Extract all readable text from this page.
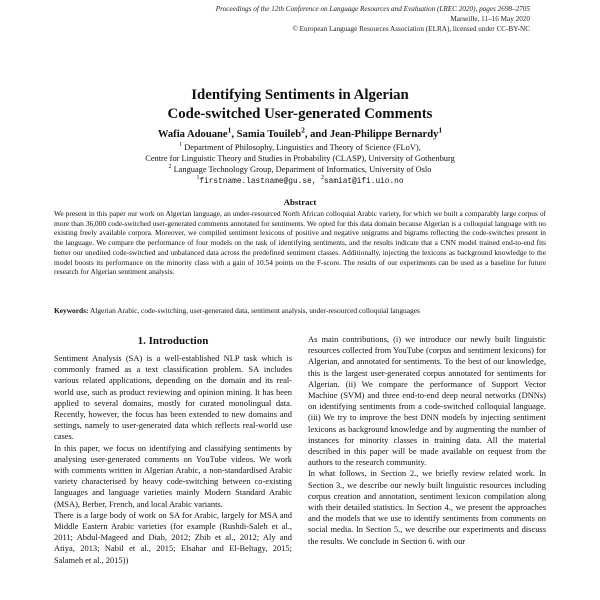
Proceedings of the 12th Conference on Language Resources and Evaluation (LREC 2020), pages 2698–2705
Marseille, 11–16 May 2020
© European Language Resources Association (ELRA), licensed under CC-BY-NC
Identifying Sentiments in Algerian
Code-switched User-generated Comments
Wafia Adouane$^1$, Samia Touileb$^2$, and Jean-Philippe Bernardy$^1$
$^1$ Department of Philosophy, Linguistics and Theory of Science (FLoV),
Centre for Linguistic Theory and Studies in Probability (CLASP), University of Gothenburg
$^2$ Language Technology Group, Department of Informatics, University of Oslo
$^1$firstname.lastname@gu.se, $^2$samiat@ifi.uio.no
Abstract
We present in this paper our work on Algerian language, an under-resourced North African colloquial Arabic variety, for which we built a comparably large corpus of more than 36,000 code-switched user-generated comments annotated for sentiments. We opted for this data domain because Algerian is a colloquial language with no existing freely available corpora. Moreover, we compiled sentiment lexicons of positive and negative unigrams and bigrams reflecting the code-switches present in the language. We compare the performance of four models on the task of identifying sentiments, and the results indicate that a CNN model trained end-to-end fits better our unedited code-switched and unbalanced data across the predefined sentiment classes. Additionally, injecting the lexicons as background knowledge to the model boosts its performance on the minority class with a gain of 10.54 points on the F-score. The results of our experiments can be used as a baseline for future research for Algerian sentiment analysis.
Keywords: Algerian Arabic, code-switching, user-generated data, sentiment analysis, under-resourced colloquial languages
1. Introduction

Sentiment Analysis (SA) is a well-established NLP task which is commonly framed as a text classification problem. SA includes various related applications, depending on the domain and its real-world use, such as product reviewing and opinion mining. It has been applied to several domains, mostly for curated monolingual data. Recently, however, the focus has been extended to new domains and settings, namely to user-generated data which reflects real-world use cases.

In this paper, we focus on identifying and classifying sentiments by analysing user-generated comments on YouTube videos. We work with comments written in Algerian Arabic, a non-standardised Arabic variety characterised by heavy code-switching between co-existing languages and language varieties mainly Modern Standard Arabic (MSA), Berber, French, and local Arabic variants.

There is a large body of work on SA for Arabic, largely for MSA and Middle Eastern Arabic varieties (for example (Rushdi-Saleh et al., 2011; Abdul-Mageed and Diab, 2012; Zbib et al., 2012; Aly and Atiya, 2013; Nabil et al., 2015; Elsahar and El-Beltagy, 2015; Salameh et al., 2015))

As main contributions, (i) we introduce our newly built linguistic resources collected from YouTube (corpus and sentiment lexicons) for Algerian, and annotated for sentiments. To the best of our knowledge, this is the largest user-generated corpus annotated for sentiments for Algerian. (ii) We compare the performance of Support Vector Machine (SVM) and three end-to-end deep neural networks (DNNs) on identifying sentiments from a code-switched colloquial language. (iii) We try to improve the best DNN models by injecting sentiment lexicons as background knowledge and by augmenting the number of instances for minority classes in training data. All the material described in this paper will be made available on request from the authors to the research community.

In what follows, in Section 2., we briefly review related work. In Section 3., we describe our newly built linguistic resources including corpus creation and annotation, sentiment lexicon compilation along with their detailed statistics. In Section 4., we present the approaches and the models that we use to identify sentiments from comments on social media. In Section 5., we describe our experiments and discuss the results. We conclude in Section 6. with our
